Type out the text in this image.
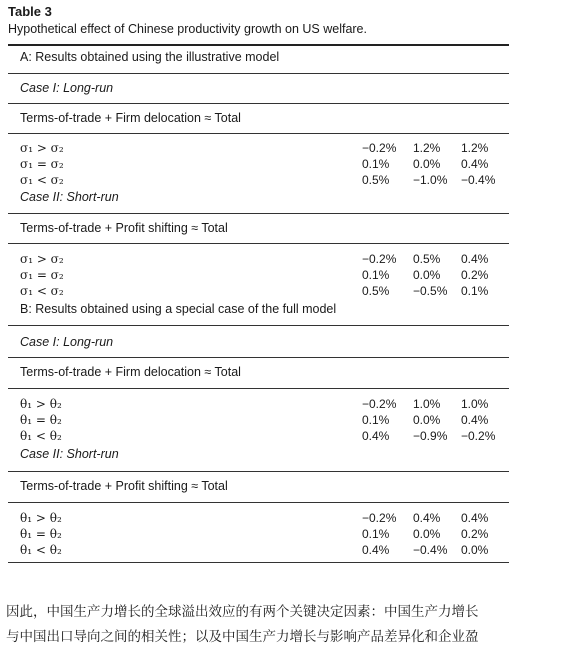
Table 3
Hypothetical effect of Chinese productivity growth on US welfare.
A: Results obtained using the illustrative model
Case I: Long-run
Terms-of-trade + Firm delocation ≈ Total
σ₁ > σ₂	−0.2% 1.2% 1.2%
σ₁ = σ₂	0.1% 0.0% 0.4%
σ₁ < σ₂	0.5% −1.0% −0.4%
Case II: Short-run
Terms-of-trade + Profit shifting ≈ Total
σ₁ > σ₂	−0.2% 0.5% 0.4%
σ₁ = σ₂	0.1% 0.0% 0.2%
σ₁ < σ₂	0.5% −0.5% 0.1%
B: Results obtained using a special case of the full model
Case I: Long-run
Terms-of-trade + Firm delocation ≈ Total
θ₁ > θ₂	−0.2% 1.0% 1.0%
θ₁ = θ₂	0.1% 0.0% 0.4%
θ₁ < θ₂	0.4% −0.9% −0.2%
Case II: Short-run
Terms-of-trade + Profit shifting ≈ Total
θ₁ > θ₂	−0.2% 0.4% 0.4%
θ₁ = θ₂	0.1% 0.0% 0.2%
θ₁ < θ₂	0.4% −0.4% 0.0%
因此，中国生产力增长的全球溢出效应的有两个关键决定因素：中国生产力增长
与中国出口导向之间的相关性；以及中国生产力增长与影响产品差异化和企业盈
